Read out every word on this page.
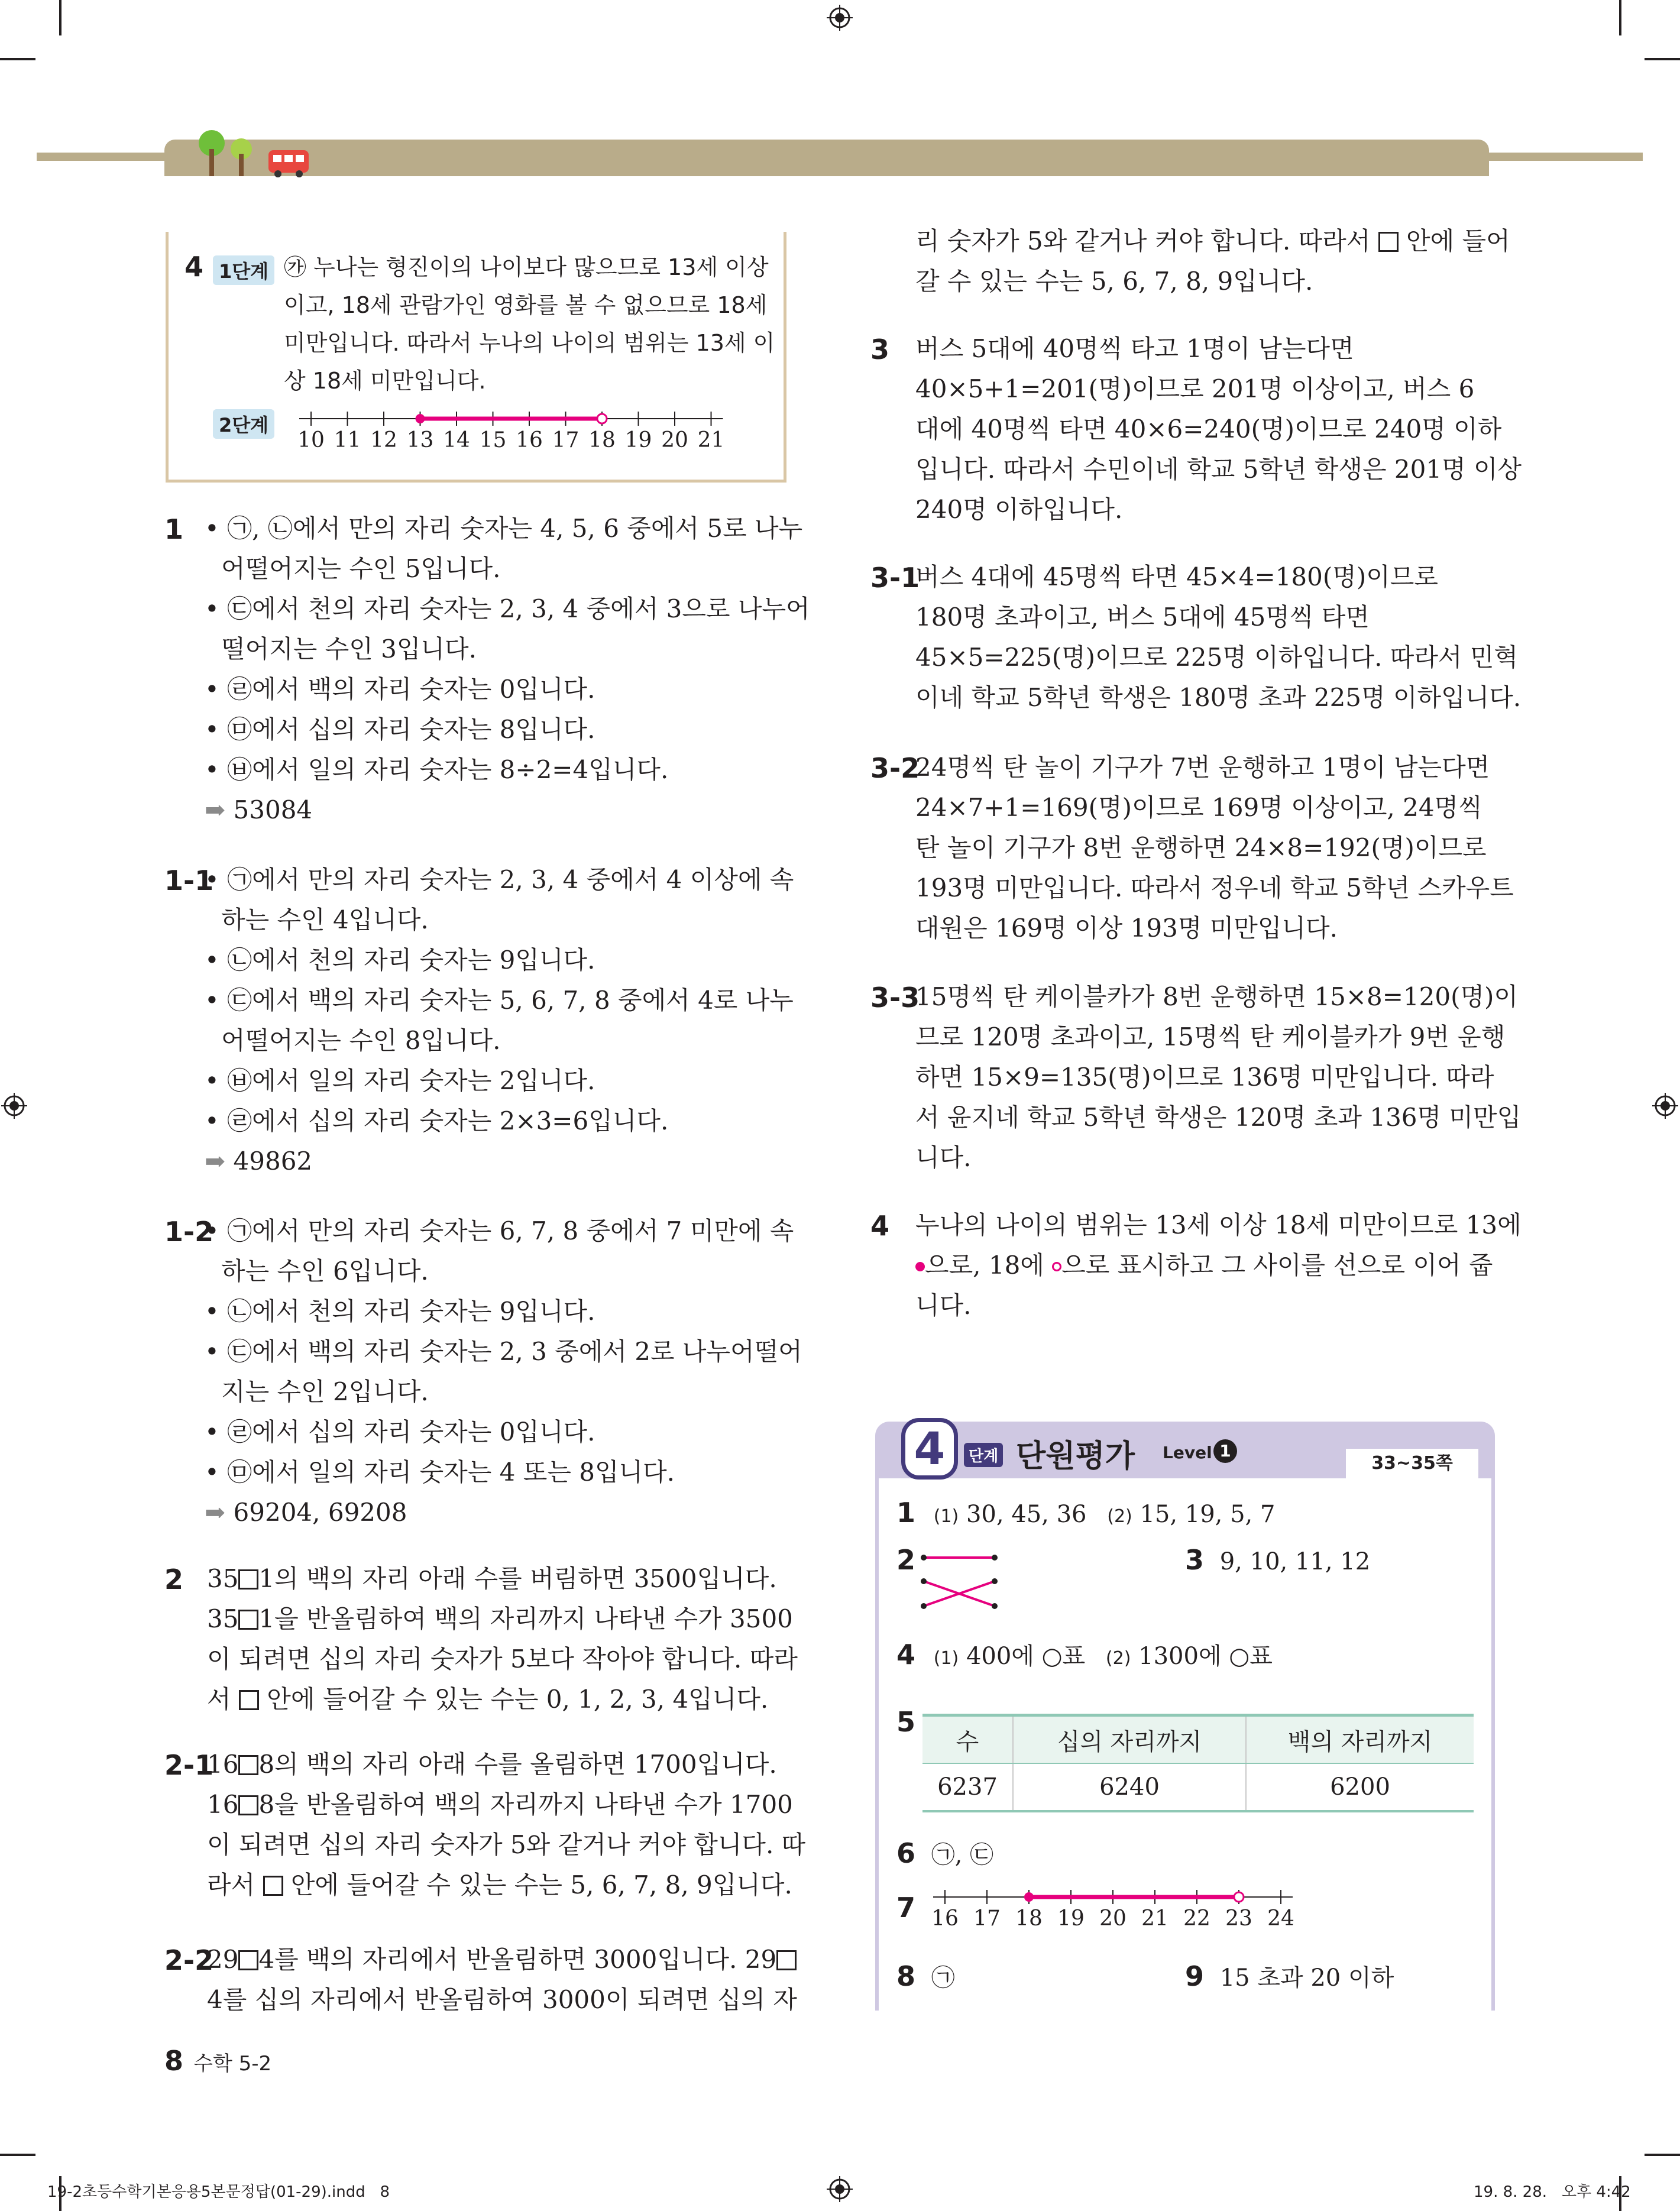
4 1단계 ㉮ 누나는 형진이의 나이보다 많으므로 13세 이상
이고, 18세 관람가인 영화를 볼 수 없으므로 18세
미만입니다. 따라서 누나의 나이의 범위는 13세 이
상 18세 미만입니다.
2단계
10 11 12 13 14 15 16 17 18 19 20 21
1 • ㉠, ㉡에서 만의 자리 숫자는 4, 5, 6 중에서 5로 나누
어떨어지는 수인 5입니다.
• ㉢에서 천의 자리 숫자는 2, 3, 4 중에서 3으로 나누어
떨어지는 수인 3입니다.
• ㉣에서 백의 자리 숫자는 0입니다.
• ㉤에서 십의 자리 숫자는 8입니다.
• ㉥에서 일의 자리 숫자는 8÷2=4입니다.
➡ 53084
1-1
• ㉠에서 만의 자리 숫자는 2, 3, 4 중에서 4 이상에 속
하는 수인 4입니다.
• ㉡에서 천의 자리 숫자는 9입니다.
• ㉢에서 백의 자리 숫자는 5, 6, 7, 8 중에서 4로 나누
어떨어지는 수인 8입니다.
• ㉥에서 일의 자리 숫자는 2입니다.
• ㉣에서 십의 자리 숫자는 2×3=6입니다.
➡ 49862
1-2
• ㉠에서 만의 자리 숫자는 6, 7, 8 중에서 7 미만에 속
하는 수인 6입니다.
• ㉡에서 천의 자리 숫자는 9입니다.
• ㉢에서 백의 자리 숫자는 2, 3 중에서 2로 나누어떨어
지는 수인 2입니다.
• ㉣에서 십의 자리 숫자는 0입니다.
• ㉤에서 일의 자리 숫자는 4 또는 8입니다.
➡ 69204, 69208
2 35 1의 백의 자리 아래 수를 버림하면 3500입니다.
35 1을 반올림하여 백의 자리까지 나타낸 수가 3500
이 되려면 십의 자리 숫자가 5보다 작아야 합니다. 따라
서  안에 들어갈 수 있는 수는 0, 1, 2, 3, 4입니다.
2-1
16 8의 백의 자리 아래 수를 올림하면 1700입니다.
16 8을 반올림하여 백의 자리까지 나타낸 수가 1700
이 되려면 십의 자리 숫자가 5와 같거나 커야 합니다. 따
라서  안에 들어갈 수 있는 수는 5, 6, 7, 8, 9입니다.
2-2
29 4를 백의 자리에서 반올림하면 3000입니다. 29
4를 십의 자리에서 반올림하여 3000이 되려면 십의 자
8 수학 5-2
리 숫자가 5와 같거나 커야 합니다. 따라서  안에 들어
갈 수 있는 수는 5, 6, 7, 8, 9입니다.
3 버스 5대에 40명씩 타고 1명이 남는다면
40×5+1=201(명)이므로 201명 이상이고, 버스 6
대에 40명씩 타면 40×6=240(명)이므로 240명 이하
입니다. 따라서 수민이네 학교 5학년 학생은 201명 이상
240명 이하입니다.
3-1
버스 4대에 45명씩 타면 45×4=180(명)이므로
180명 초과이고, 버스 5대에 45명씩 타면
45×5=225(명)이므로 225명 이하입니다. 따라서 민혁
이네 학교 5학년 학생은 180명 초과 225명 이하입니다.
3-2
24명씩 탄 놀이 기구가 7번 운행하고 1명이 남는다면
24×7+1=169(명)이므로 169명 이상이고, 24명씩
탄 놀이 기구가 8번 운행하면 24×8=192(명)이므로
193명 미만입니다. 따라서 정우네 학교 5학년 스카우트
대원은 169명 이상 193명 미만입니다.
3-3
15명씩 탄 케이블카가 8번 운행하면 15×8=120(명)이
므로 120명 초과이고, 15명씩 탄 케이블카가 9번 운행
하면 15×9=135(명)이므로 136명 미만입니다. 따라
서 윤지네 학교 5학년 학생은 120명 초과 136명 미만입
니다.
4 누나의 나이의 범위는 13세 이상 18세 미만이므로 13에
으로, 18에 으로 표시하고 그 사이를 선으로 이어 줍
니다.
4	단계 단원평가 Level 1
33~35쪽
1 (1) 30, 45, 36 (2) 15, 19, 5, 7
2	3 9, 10, 11, 12
4 (1) 400에 ○표 (2) 1300에 ○표
5
수	십의 자리까지	백의 자리까지
6237	6240	6200
6 ㉠, ㉢
7 16 17 18 19 20 21 22 23 24
8 ㉠	9 15 초과 20 이하
19-2초등수학기본응용5본문정답(01-29).indd   8	19. 8. 28.   오후 4:42
